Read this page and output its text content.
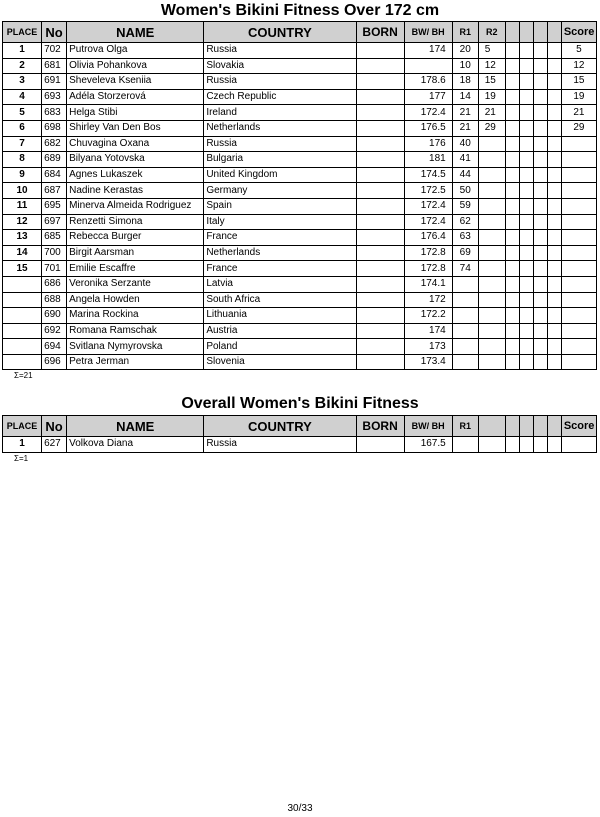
Women's Bikini Fitness Over 172 cm
PLACE	No	NAME	COUNTRY	BORN	BW/ BH	R1	R2					Score
1	702	Putrova Olga	Russia		174	20	5					5
2	681	Olivia Pohankova	Slovakia			10	12					12
3	691	Sheveleva Kseniia	Russia		178.6	18	15					15
4	693	Adéla Storzerová	Czech Republic		177	14	19					19
5	683	Helga Stibi	Ireland		172.4	21	21					21
6	698	Shirley Van Den Bos	Netherlands		176.5	21	29					29
7	682	Chuvagina Oxana	Russia		176	40						
8	689	Bilyana Yotovska	Bulgaria		181	41						
9	684	Agnes Lukaszek	United Kingdom		174.5	44						
10	687	Nadine Kerastas	Germany		172.5	50						
11	695	Minerva Almeida Rodriguez	Spain		172.4	59						
12	697	Renzetti Simona	Italy		172.4	62						
13	685	Rebecca Burger	France		176.4	63						
14	700	Birgit Aarsman	Netherlands		172.8	69						
15	701	Emilie Escaffre	France		172.8	74						
	686	Veronika Serzante	Latvia		174.1							
	688	Angela Howden	South Africa		172							
	690	Marina Rockina	Lithuania		172.2							
	692	Romana Ramschak	Austria		174							
	694	Svitlana Nymyrovska	Poland		173							
	696	Petra Jerman	Slovenia		173.4							
Σ=21
Overall Women's Bikini Fitness
PLACE	No	NAME	COUNTRY	BORN	BW/ BH	R1						Score
1	627	Volkova Diana	Russia		167.5							
Σ=1
30/33
